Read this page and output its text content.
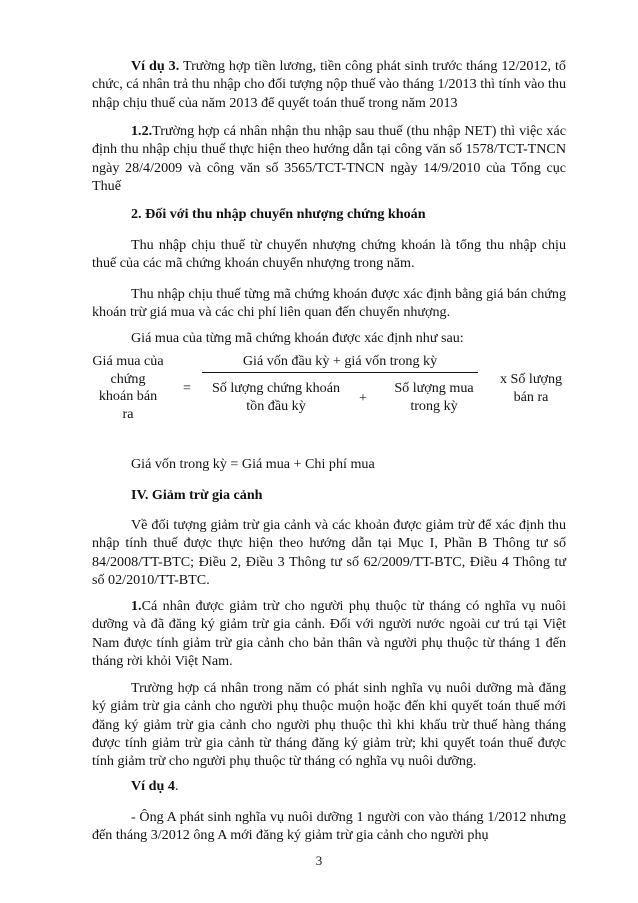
Ví dụ 3. Trường hợp tiền lương, tiền công phát sinh trước tháng 12/2012, tổ chức, cá nhân trả thu nhập cho đối tượng nộp thuế vào tháng 1/2013 thì tính vào thu nhập chịu thuế của năm 2013 để quyết toán thuế trong năm 2013

1.2.Trường hợp cá nhân nhận thu nhập sau thuế (thu nhập NET) thì việc xác định thu nhập chịu thuế thực hiện theo hướng dẫn tại công văn số 1578/TCT-TNCN ngày 28/4/2009 và công văn số 3565/TCT-TNCN ngày 14/9/2010 của Tổng cục Thuế

2. Đối với thu nhập chuyển nhượng chứng khoán

Thu nhập chịu thuế từ chuyển nhượng chứng khoán là tổng thu nhập chịu thuế của các mã chứng khoán chuyển nhượng trong năm.

Thu nhập chịu thuế từng mã chứng khoán được xác định bằng giá bán chứng khoán trừ giá mua và các chi phí liên quan đến chuyển nhượng.

Giá mua của từng mã chứng khoán được xác định như sau:

Giá mua của chứng khoán bán ra
=
Giá vốn đầu kỳ + giá vốn trong kỳ
Số lượng chứng khoán tồn đầu kỳ	+
Số lượng mua trong kỳ
x Số lượng bán ra

Giá vốn trong kỳ = Giá mua + Chi phí mua

IV. Giảm trừ gia cảnh

Về đối tượng giảm trừ gia cảnh và các khoản được giảm trừ để xác định thu nhập tính thuế được thực hiện theo hướng dẫn tại Mục I, Phần B Thông tư số 84/2008/TT-BTC; Điều 2, Điều 3 Thông tư số 62/2009/TT-BTC, Điều 4 Thông tư số 02/2010/TT-BTC.

1.Cá nhân được giảm trừ cho người phụ thuộc từ tháng có nghĩa vụ nuôi dưỡng và đã đăng ký giảm trừ gia cảnh. Đối với người nước ngoài cư trú tại Việt Nam được tính giảm trừ gia cảnh cho bản thân và người phụ thuộc từ tháng 1 đến tháng rời khỏi Việt Nam.

Trường hợp cá nhân trong năm có phát sinh nghĩa vụ nuôi dưỡng mà đăng ký giảm trừ gia cảnh cho người phụ thuộc muộn hoặc đến khi quyết toán thuế mới đăng ký giảm trừ gia cảnh cho người phụ thuộc thì khi khấu trừ thuế hàng tháng được tính giảm trừ gia cảnh từ tháng đăng ký giảm trừ; khi quyết toán thuế được tính giảm trừ cho người phụ thuộc từ tháng có nghĩa vụ nuôi dưỡng.

Ví dụ 4.

- Ông A phát sinh nghĩa vụ nuôi dưỡng 1 người con vào tháng 1/2012 nhưng đến tháng 3/2012 ông A mới đăng ký giảm trừ gia cảnh cho người phụ

3
